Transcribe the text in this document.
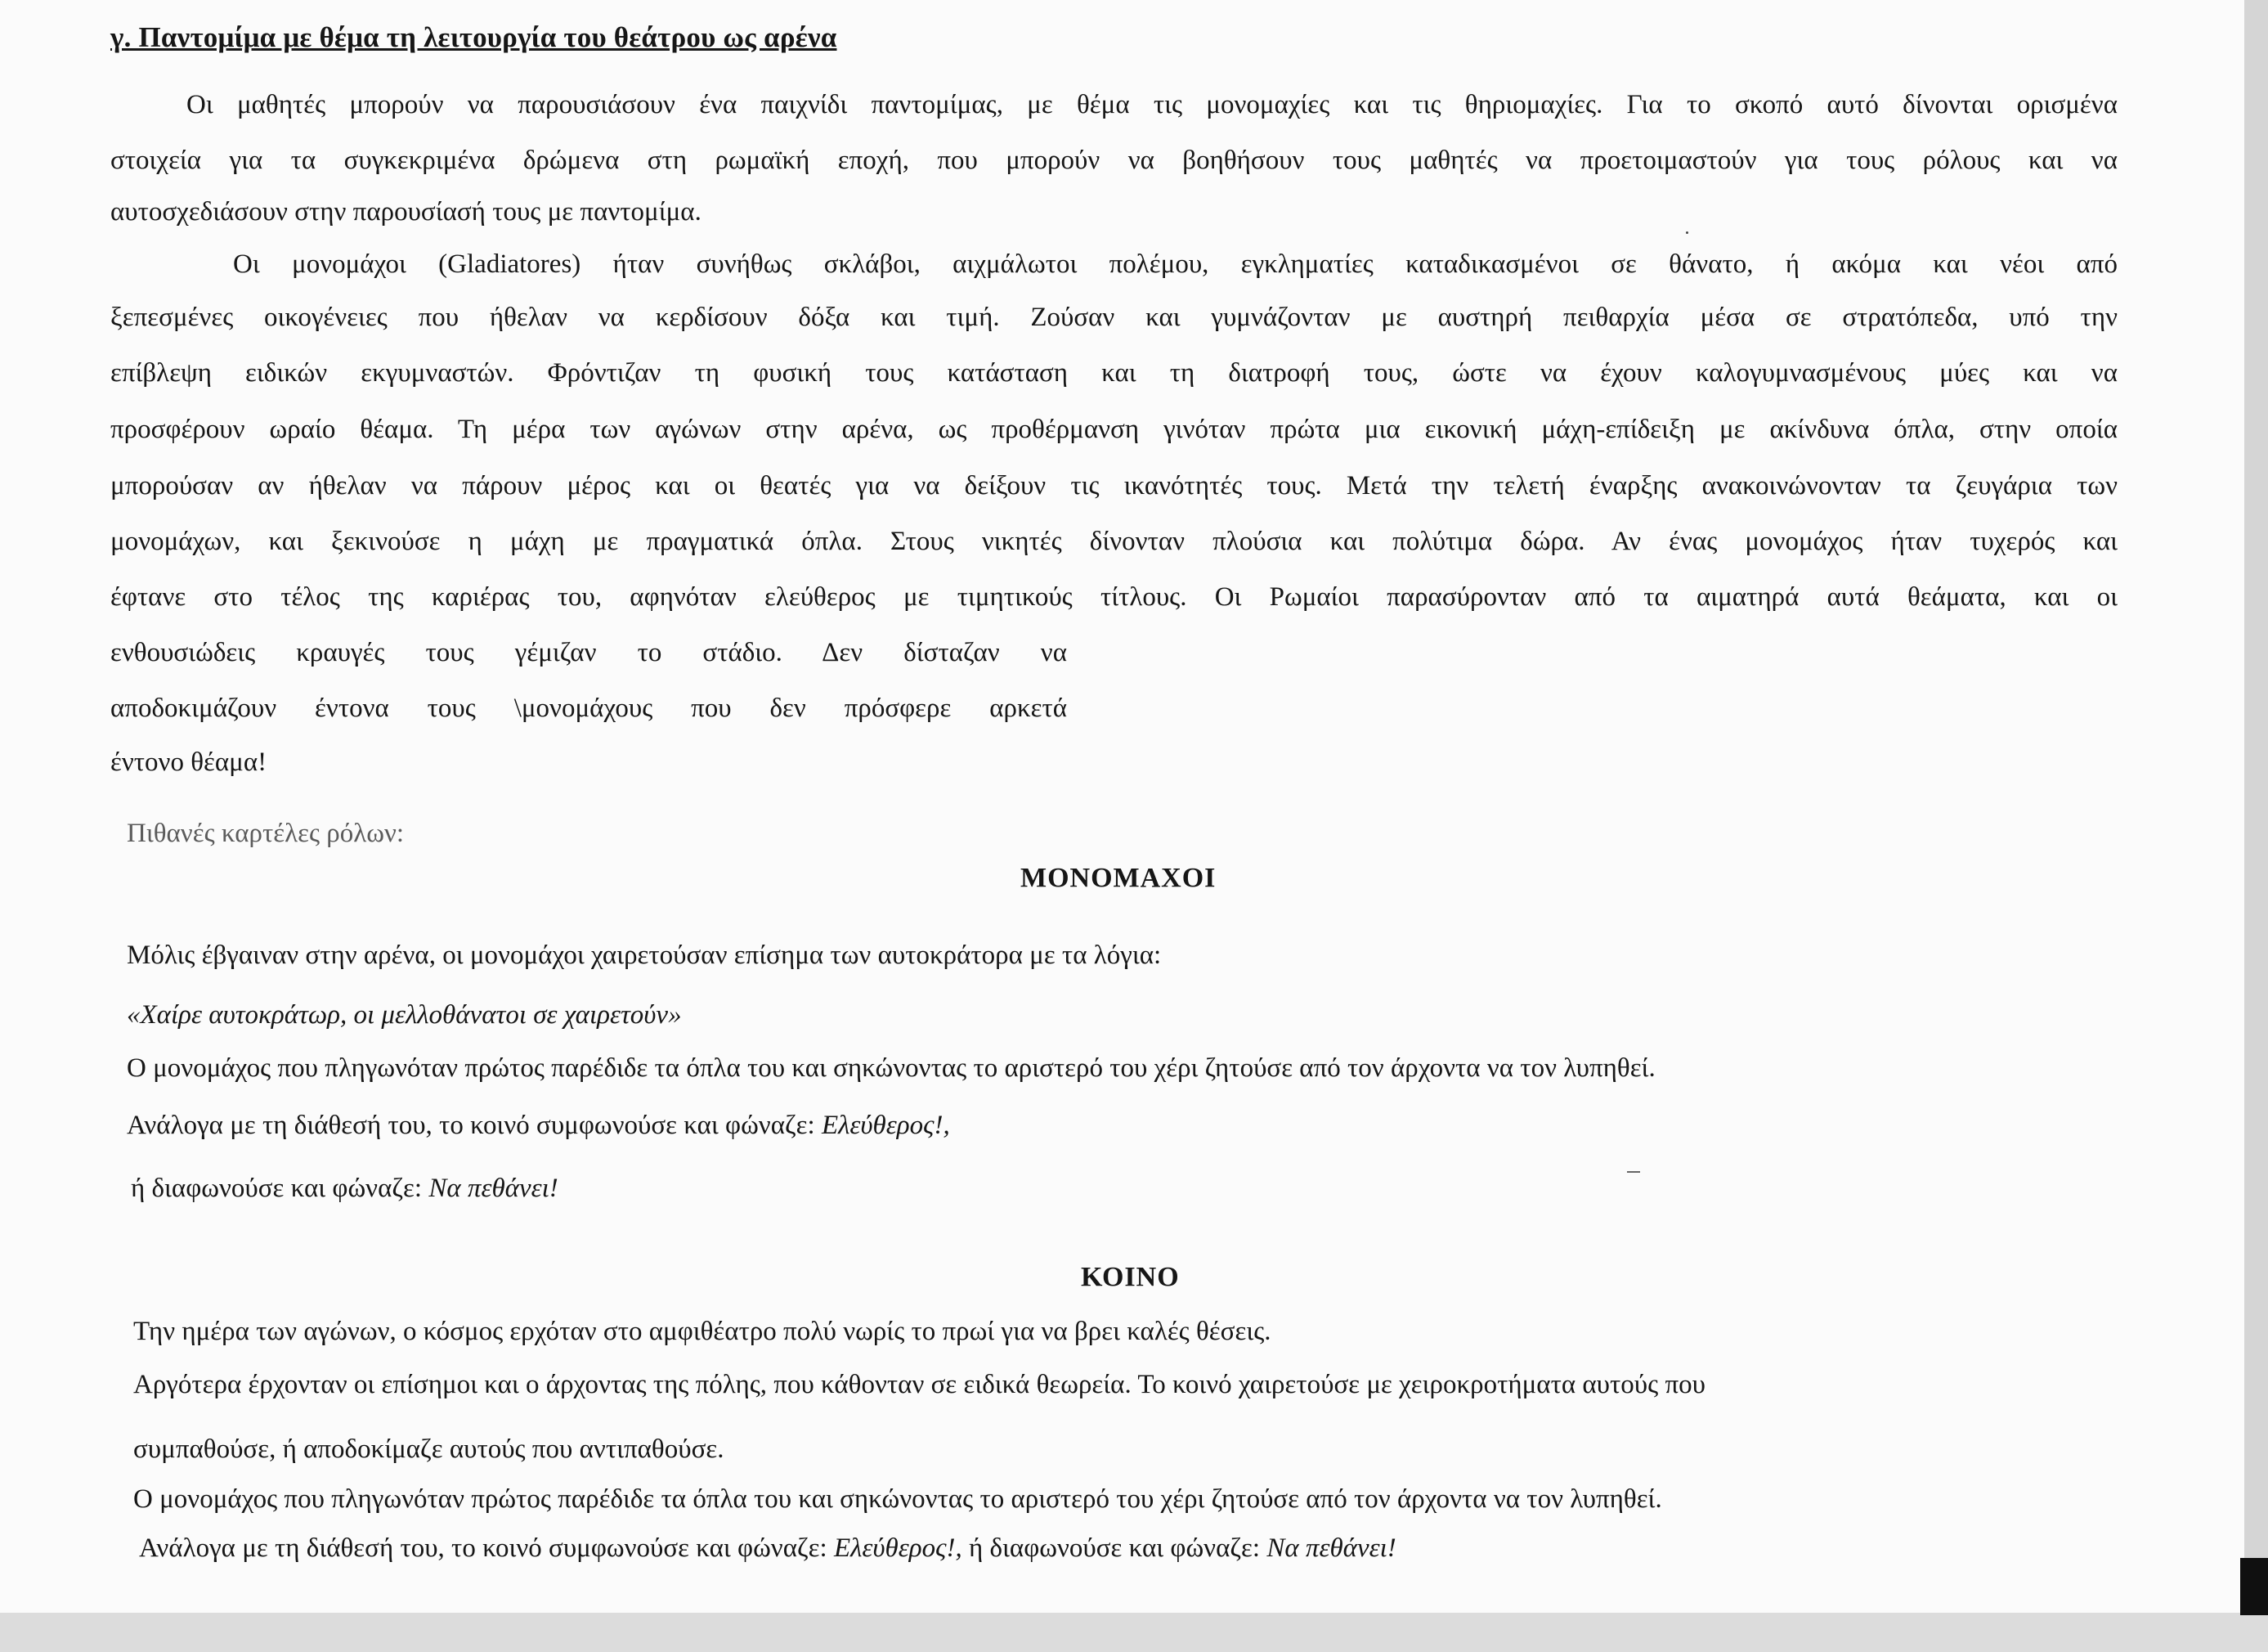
γ. Παντομίμα με θέμα τη λειτουργία του θεάτρου ως αρένα

Οι μαθητές μπορούν να παρουσιάσουν ένα παιχνίδι παντομίμας, με θέμα τις μονομαχίες και τις θηριομαχίες. Για το σκοπό αυτό δίνονται ορισμένα

στοιχεία για τα συγκεκριμένα δρώμενα στη ρωμαϊκή εποχή, που μπορούν να βοηθήσουν τους μαθητές να προετοιμαστούν για τους ρόλους και να

αυτοσχεδιάσουν στην παρουσίασή τους με παντομίμα.

Οι μονομάχοι (Gladiatores) ήταν συνήθως σκλάβοι, αιχμάλωτοι πολέμου, εγκληματίες καταδικασμένοι σε θάνατο, ή ακόμα και νέοι από

ξεπεσμένες οικογένειες που ήθελαν να κερδίσουν δόξα και τιμή. Ζούσαν και γυμνάζονταν με αυστηρή πειθαρχία μέσα σε στρατόπεδα, υπό την

επίβλεψη ειδικών εκγυμναστών. Φρόντιζαν τη φυσική τους κατάσταση και τη διατροφή τους, ώστε να έχουν καλογυμνασμένους μύες και να

προσφέρουν ωραίο θέαμα. Τη μέρα των αγώνων στην αρένα, ως προθέρμανση γινόταν πρώτα μια εικονική μάχη-επίδειξη με ακίνδυνα όπλα, στην οποία

μπορούσαν αν ήθελαν να πάρουν μέρος και οι θεατές για να δείξουν τις ικανότητές τους. Μετά την τελετή έναρξης ανακοινώνονταν τα ζευγάρια των

μονομάχων, και ξεκινούσε η μάχη με πραγματικά όπλα. Στους νικητές δίνονταν πλούσια και πολύτιμα δώρα. Αν ένας μονομάχος ήταν τυχερός και

έφτανε στο τέλος της καριέρας του, αφηνόταν ελεύθερος με τιμητικούς τίτλους. Οι Ρωμαίοι παρασύρονταν από τα αιματηρά αυτά θεάματα, και οι

ενθουσιώδεις κραυγές τους γέμιζαν το στάδιο. Δεν δίσταζαν να

αποδοκιμάζουν έντονα τους \μονομάχους που δεν πρόσφερε αρκετά

έντονο θέαμα!

Πιθανές καρτέλες ρόλων:

ΜΟΝΟΜΑΧΟΙ

Μόλις έβγαιναν στην αρένα, οι μονομάχοι χαιρετούσαν επίσημα των αυτοκράτορα με τα λόγια:

«Χαίρε αυτοκράτωρ, οι μελλοθάνατοι σε χαιρετούν»

Ο μονομάχος που πληγωνόταν πρώτος παρέδιδε τα όπλα του και σηκώνοντας το αριστερό του χέρι ζητούσε από τον άρχοντα να τον λυπηθεί.

Ανάλογα με τη διάθεσή του, το κοινό συμφωνούσε και φώναζε: Ελεύθερος!,

ή διαφωνούσε και φώναζε: Να πεθάνει!

ΚΟΙΝΟ

Την ημέρα των αγώνων, ο κόσμος ερχόταν στο αμφιθέατρο πολύ νωρίς το πρωί για να βρει καλές θέσεις.

Αργότερα έρχονταν οι επίσημοι και ο άρχοντας της πόλης, που κάθονταν σε ειδικά θεωρεία. Το κοινό χαιρετούσε με χειροκροτήματα αυτούς που

συμπαθούσε, ή αποδοκίμαζε αυτούς που αντιπαθούσε.

Ο μονομάχος που πληγωνόταν πρώτος παρέδιδε τα όπλα του και σηκώνοντας το αριστερό του χέρι ζητούσε από τον άρχοντα να τον λυπηθεί.

Ανάλογα με τη διάθεσή του, το κοινό συμφωνούσε και φώναζε: Ελεύθερος!, ή διαφωνούσε και φώναζε: Να πεθάνει!
